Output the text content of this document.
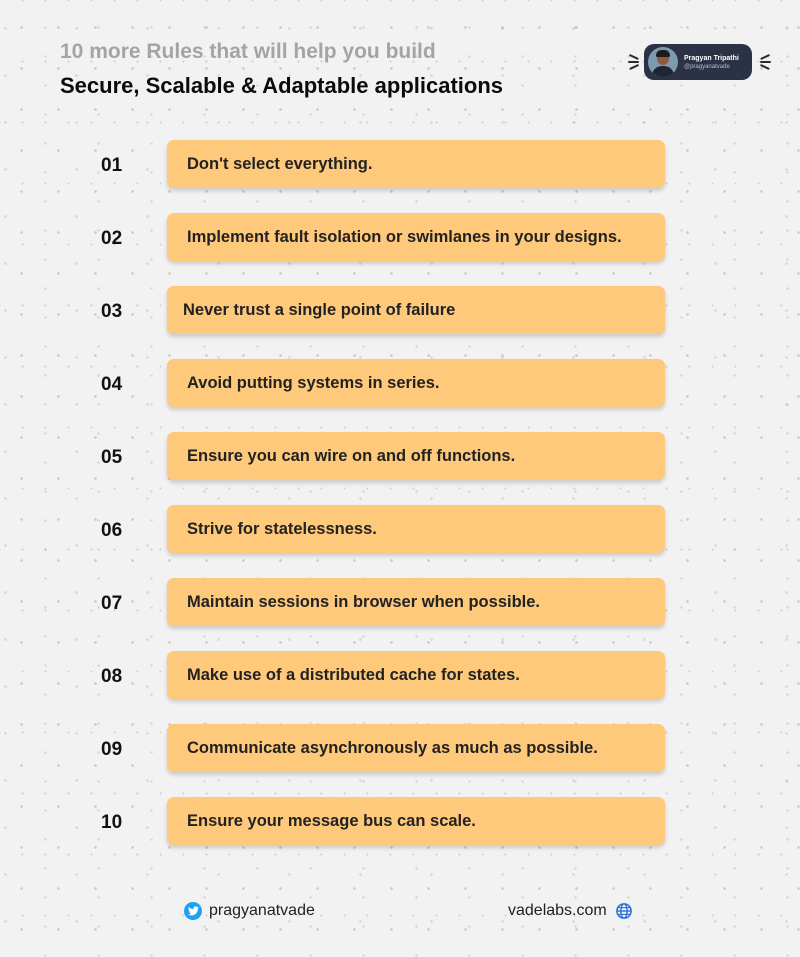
10 more Rules that will help you build
Secure, Scalable & Adaptable applications
Pragyan Tripathi
@pragyanatvade
01	Don't select everything.
02	Implement fault isolation or swimlanes in your designs.
03	Never trust a single point of failure
04	Avoid putting systems in series.
05	Ensure you can wire on and off functions.
06	Strive for statelessness.
07	Maintain sessions in browser when possible.
08	Make use of a distributed cache for states.
09	Communicate asynchronously as much as possible.
10	Ensure your message bus can scale.
pragyanatvade	vadelabs.com
